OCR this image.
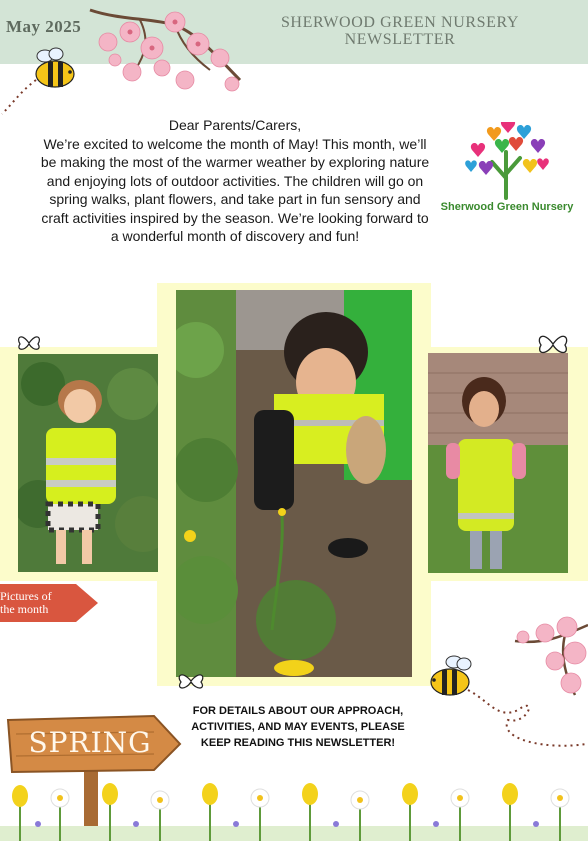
May 2025	SHERWOOD GREEN NURSERY
NEWSLETTER

Dear Parents/Carers,

We’re excited to welcome the month of May! This month, we’ll be making the most of the warmer weather by exploring nature and enjoying lots of outdoor activities. The children will go on spring walks, plant flowers, and take part in fun sensory and craft activities inspired by the season. We’re looking forward to a wonderful month of discovery and fun!

Sherwood Green Nursery
Pictures of
the month
FOR DETAILS ABOUT OUR APPROACH, ACTIVITIES, AND MAY EVENTS, PLEASE KEEP READING THIS NEWSLETTER!
SPRING
